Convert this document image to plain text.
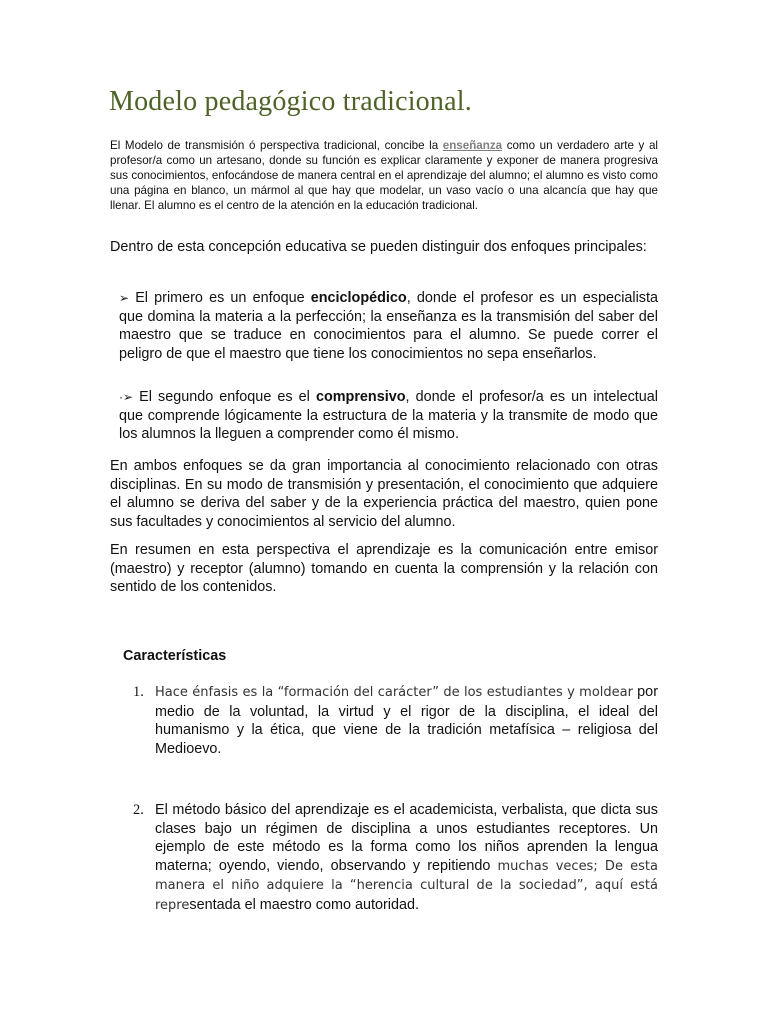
Modelo pedagógico tradicional.

El Modelo de transmisión ó perspectiva tradicional, concibe la enseñanza como un verdadero arte y al profesor/a como un artesano, donde su función es explicar claramente y exponer de manera progresiva sus conocimientos, enfocándose de manera central en el aprendizaje del alumno; el alumno es visto como una página en blanco, un mármol al que hay que modelar, un vaso vacío o una alcancía que hay que llenar. El alumno es el centro de la atención en la educación tradicional.

Dentro de esta concepción educativa se pueden distinguir dos enfoques principales:

➢ El primero es un enfoque enciclopédico, donde el profesor es un especialista que domina la materia a la perfección; la enseñanza es la transmisión del saber del maestro que se traduce en conocimientos para el alumno. Se puede correr el peligro de que el maestro que tiene los conocimientos no sepa enseñarlos.

·➢ El segundo enfoque es el comprensivo, donde el profesor/a es un intelectual que comprende lógicamente la estructura de la materia y la transmite de modo que los alumnos la lleguen a comprender como él mismo.

En ambos enfoques se da gran importancia al conocimiento relacionado con otras disciplinas. En su modo de transmisión y presentación, el conocimiento que adquiere el alumno se deriva del saber y de la experiencia práctica del maestro, quien pone sus facultades y conocimientos al servicio del alumno.

En resumen en esta perspectiva el aprendizaje es la comunicación entre emisor (maestro) y receptor (alumno) tomando en cuenta la comprensión y la relación con sentido de los contenidos.

Características
1. Hace énfasis es la “formación del carácter” de los estudiantes y moldear por medio de la voluntad, la virtud y el rigor de la disciplina, el ideal del humanismo y la ética, que viene de la tradición metafísica – religiosa del Medioevo.
2. El método básico del aprendizaje es el academicista, verbalista, que dicta sus clases bajo un régimen de disciplina a unos estudiantes receptores. Un ejemplo de este método es la forma como los niños aprenden la lengua materna; oyendo, viendo, observando y repitiendo muchas veces; De esta manera el niño adquiere la “herencia cultural de la sociedad”, aquí está representada el maestro como autoridad.
